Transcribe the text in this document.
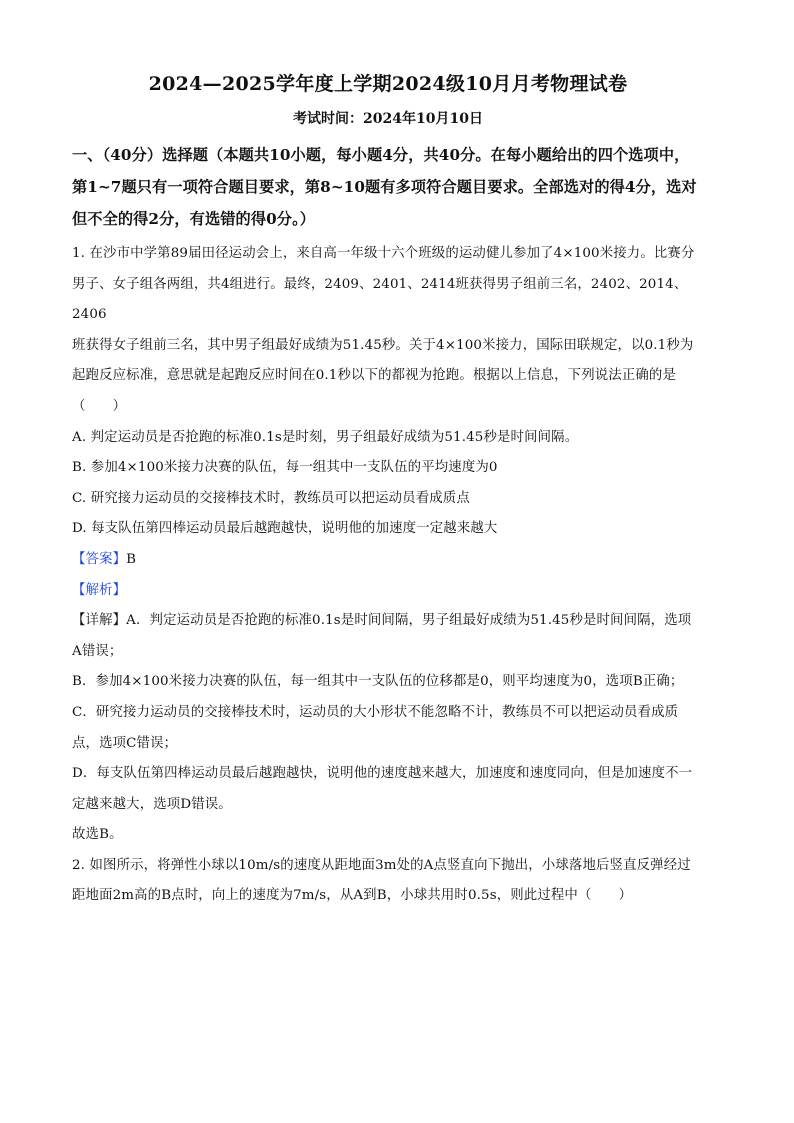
2024—2025学年度上学期2024级10月月考物理试卷
考试时间：2024年10月10日
一、（40分）选择题（本题共10小题，每小题4分，共40分。在每小题给出的四个选项中，
第1~7题只有一项符合题目要求，第8~10题有多项符合题目要求。全部选对的得4分，选对
但不全的得2分，有选错的得0分。）

1. 在沙市中学第89届田径运动会上，来自高一年级十六个班级的运动健儿参加了4×100米接力。比赛分

男子、女子组各两组，共4组进行。最终，2409、2401、2414班获得男子组前三名，2402、2014、2406

班获得女子组前三名，其中男子组最好成绩为51.45秒。关于4×100米接力，国际田联规定，以0.1秒为

起跑反应标准，意思就是起跑反应时间在0.1秒以下的都视为抢跑。根据以上信息，下列说法正确的是

（　　）

A. 判定运动员是否抢跑的标准0.1s是时刻，男子组最好成绩为51.45秒是时间间隔。

B. 参加4×100米接力决赛的队伍，每一组其中一支队伍的平均速度为0

C. 研究接力运动员的交接棒技术时，教练员可以把运动员看成质点

D. 每支队伍第四棒运动员最后越跑越快，说明他的加速度一定越来越大

【答案】B

【解析】

【详解】A．判定运动员是否抢跑的标准0.1s是时间间隔，男子组最好成绩为51.45秒是时间间隔，选项

A错误；

B．参加4×100米接力决赛的队伍，每一组其中一支队伍的位移都是0，则平均速度为0，选项B正确；

C．研究接力运动员的交接棒技术时，运动员的大小形状不能忽略不计，教练员不可以把运动员看成质

点，选项C错误；

D．每支队伍第四棒运动员最后越跑越快，说明他的速度越来越大，加速度和速度同向，但是加速度不一

定越来越大，选项D错误。

故选B。

2. 如图所示，将弹性小球以10m/s的速度从距地面3m处的A点竖直向下抛出，小球落地后竖直反弹经过

距地面2m高的B点时，向上的速度为7m/s，从A到B，小球共用时0.5s，则此过程中（　　）
